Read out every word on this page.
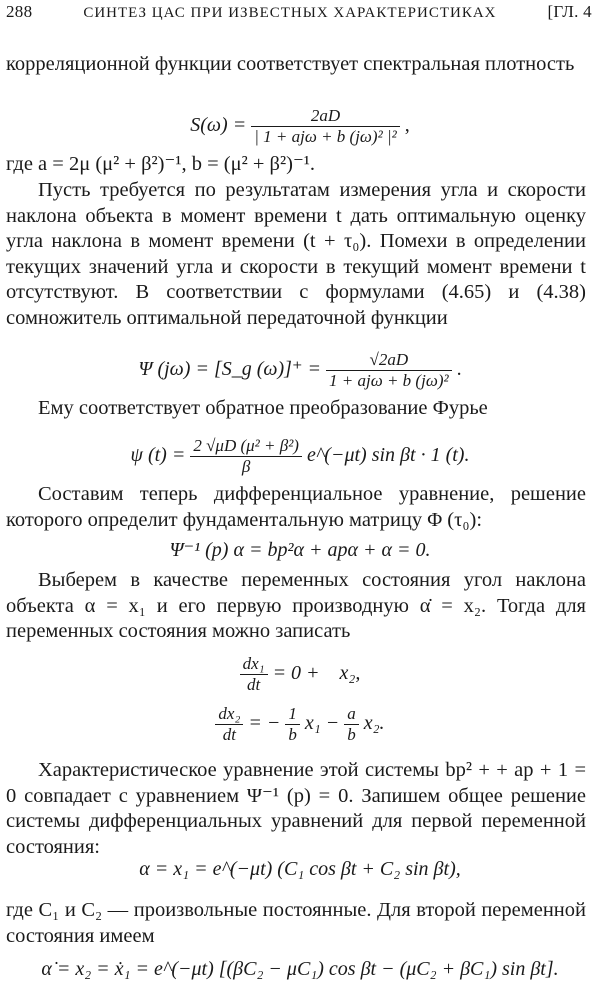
288	СИНТЕЗ ЦАС ПРИ ИЗВЕСТНЫХ ХАРАКТЕРИСТИКАХ	[ГЛ. 4
корреляционной функции соответствует спектральная плотность
$S(\omega) = \frac{2aD}{\text{| 1 + ajω + b (jω)² |²}}$ ,
где a = 2μ (μ² + β²)⁻¹, b = (μ² + β²)⁻¹.
Пусть требуется по результатам измерения угла и скорости наклона объекта в момент времени t дать оптимальную оценку угла наклона в момент времени (t + τ₀). Помехи в определении текущих значений угла и скорости в текущий момент времени t отсутствуют. В соответствии с формулами (4.65) и (4.38) сомножитель оптимальной передаточной функции
Ψ (jω) = [S_g $(\omega)]^+ = \frac{√2aD}{\text{1 + ajω + b (jω)²}}$ .
Ему соответствует обратное преобразование Фурье
ψ $(t) = \frac{\text{2 √μD (μ² + β²)}}{\beta}$ e^(−μt) sin βt · 1 (t).
Составим теперь дифференциальное уравнение, решение которого определит фундаментальную матрицу Φ (τ₀):
Ψ⁻¹ (p) α = bp²α + apα + α = 0.
Выберем в качестве переменных состояния угол наклона объекта α = x₁ и его первую производную α̇ = x₂. Тогда для переменных состояния можно записать
$\frac{\text{dx₁}}{dt} = 0$ +    x₂,
$\frac{\text{dx₂}}{dt}$ = − $\frac{1}{b} x_1 - \frac{a}{b} x_2$.
Характеристическое уравнение этой системы bp² + + ap + 1 = 0 совпадает с уравнением Ψ⁻¹ (p) = 0. Запишем общее решение системы дифференциальных уравнений для первой переменной состояния:
α = x₁ = e^(−μt) (C₁ cos βt + C₂ sin βt),
где C₁ и C₂ — произвольные постоянные. Для второй переменной состояния имеем
α̇ = x₂ = ẋ₁ = e^(−μt) [(βC₂ − μC₁) cos βt − (μC₂ + βC₁) sin βt].
